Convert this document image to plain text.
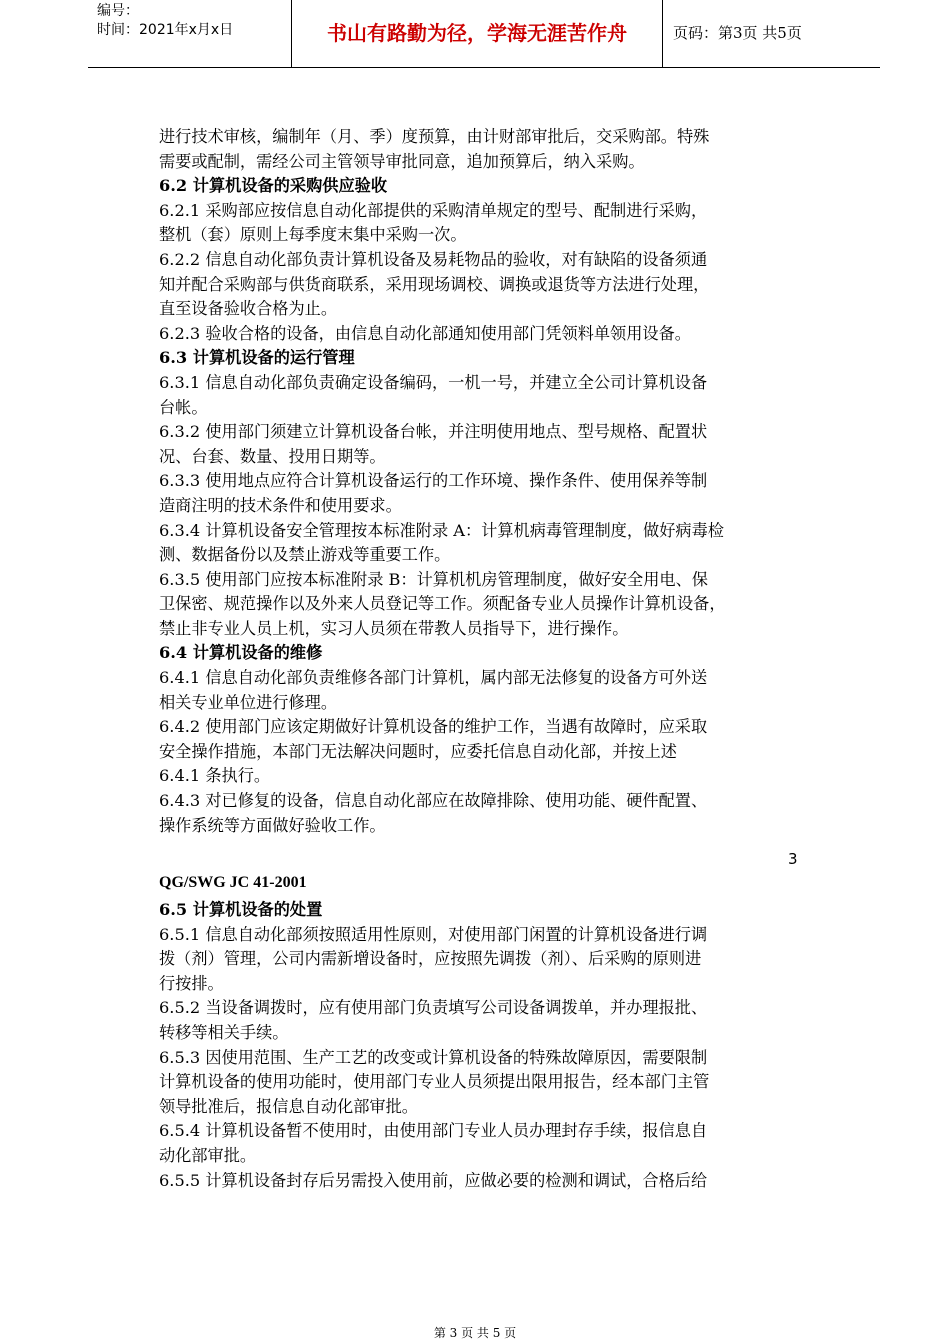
编号：
时间：2021年x月x日	书山有路勤为径，学海无涯苦作舟	页码：第3页 共5页
进行技术审核，编制年（月、季）度预算，由计财部审批后，交采购部。特殊
需要或配制，需经公司主管领导审批同意，追加预算后，纳入采购。
6.2 计算机设备的采购供应验收
6.2.1 采购部应按信息自动化部提供的采购清单规定的型号、配制进行采购，
整机（套）原则上每季度末集中采购一次。
6.2.2 信息自动化部负责计算机设备及易耗物品的验收，对有缺陷的设备须通
知并配合采购部与供货商联系，采用现场调校、调换或退货等方法进行处理，
直至设备验收合格为止。
6.2.3 验收合格的设备，由信息自动化部通知使用部门凭领料单领用设备。
6.3 计算机设备的运行管理
6.3.1 信息自动化部负责确定设备编码，一机一号，并建立全公司计算机设备
台帐。
6.3.2 使用部门须建立计算机设备台帐，并注明使用地点、型号规格、配置状
况、台套、数量、投用日期等。
6.3.3 使用地点应符合计算机设备运行的工作环境、操作条件、使用保养等制
造商注明的技术条件和使用要求。
6.3.4 计算机设备安全管理按本标准附录 A：计算机病毒管理制度，做好病毒检
测、数据备份以及禁止游戏等重要工作。
6.3.5 使用部门应按本标准附录 B：计算机机房管理制度，做好安全用电、保
卫保密、规范操作以及外来人员登记等工作。须配备专业人员操作计算机设备，
禁止非专业人员上机，实习人员须在带教人员指导下，进行操作。
6.4 计算机设备的维修
6.4.1 信息自动化部负责维修各部门计算机，属内部无法修复的设备方可外送
相关专业单位进行修理。
6.4.2 使用部门应该定期做好计算机设备的维护工作，当遇有故障时，应采取
安全操作措施，本部门无法解决问题时，应委托信息自动化部，并按上述
6.4.1 条执行。
6.4.3 对已修复的设备，信息自动化部应在故障排除、使用功能、硬件配置、
操作系统等方面做好验收工作。
3
QG/SWG JC 41-2001
6.5 计算机设备的处置
6.5.1 信息自动化部须按照适用性原则，对使用部门闲置的计算机设备进行调
拨（剂）管理，公司内需新增设备时，应按照先调拨（剂）、后采购的原则进
行按排。
6.5.2 当设备调拨时，应有使用部门负责填写公司设备调拨单，并办理报批、
转移等相关手续。
6.5.3 因使用范围、生产工艺的改变或计算机设备的特殊故障原因，需要限制
计算机设备的使用功能时，使用部门专业人员须提出限用报告，经本部门主管
领导批准后，报信息自动化部审批。
6.5.4 计算机设备暂不使用时，由使用部门专业人员办理封存手续，报信息自
动化部审批。
6.5.5 计算机设备封存后另需投入使用前，应做必要的检测和调试，合格后给
第 3 页 共 5 页
